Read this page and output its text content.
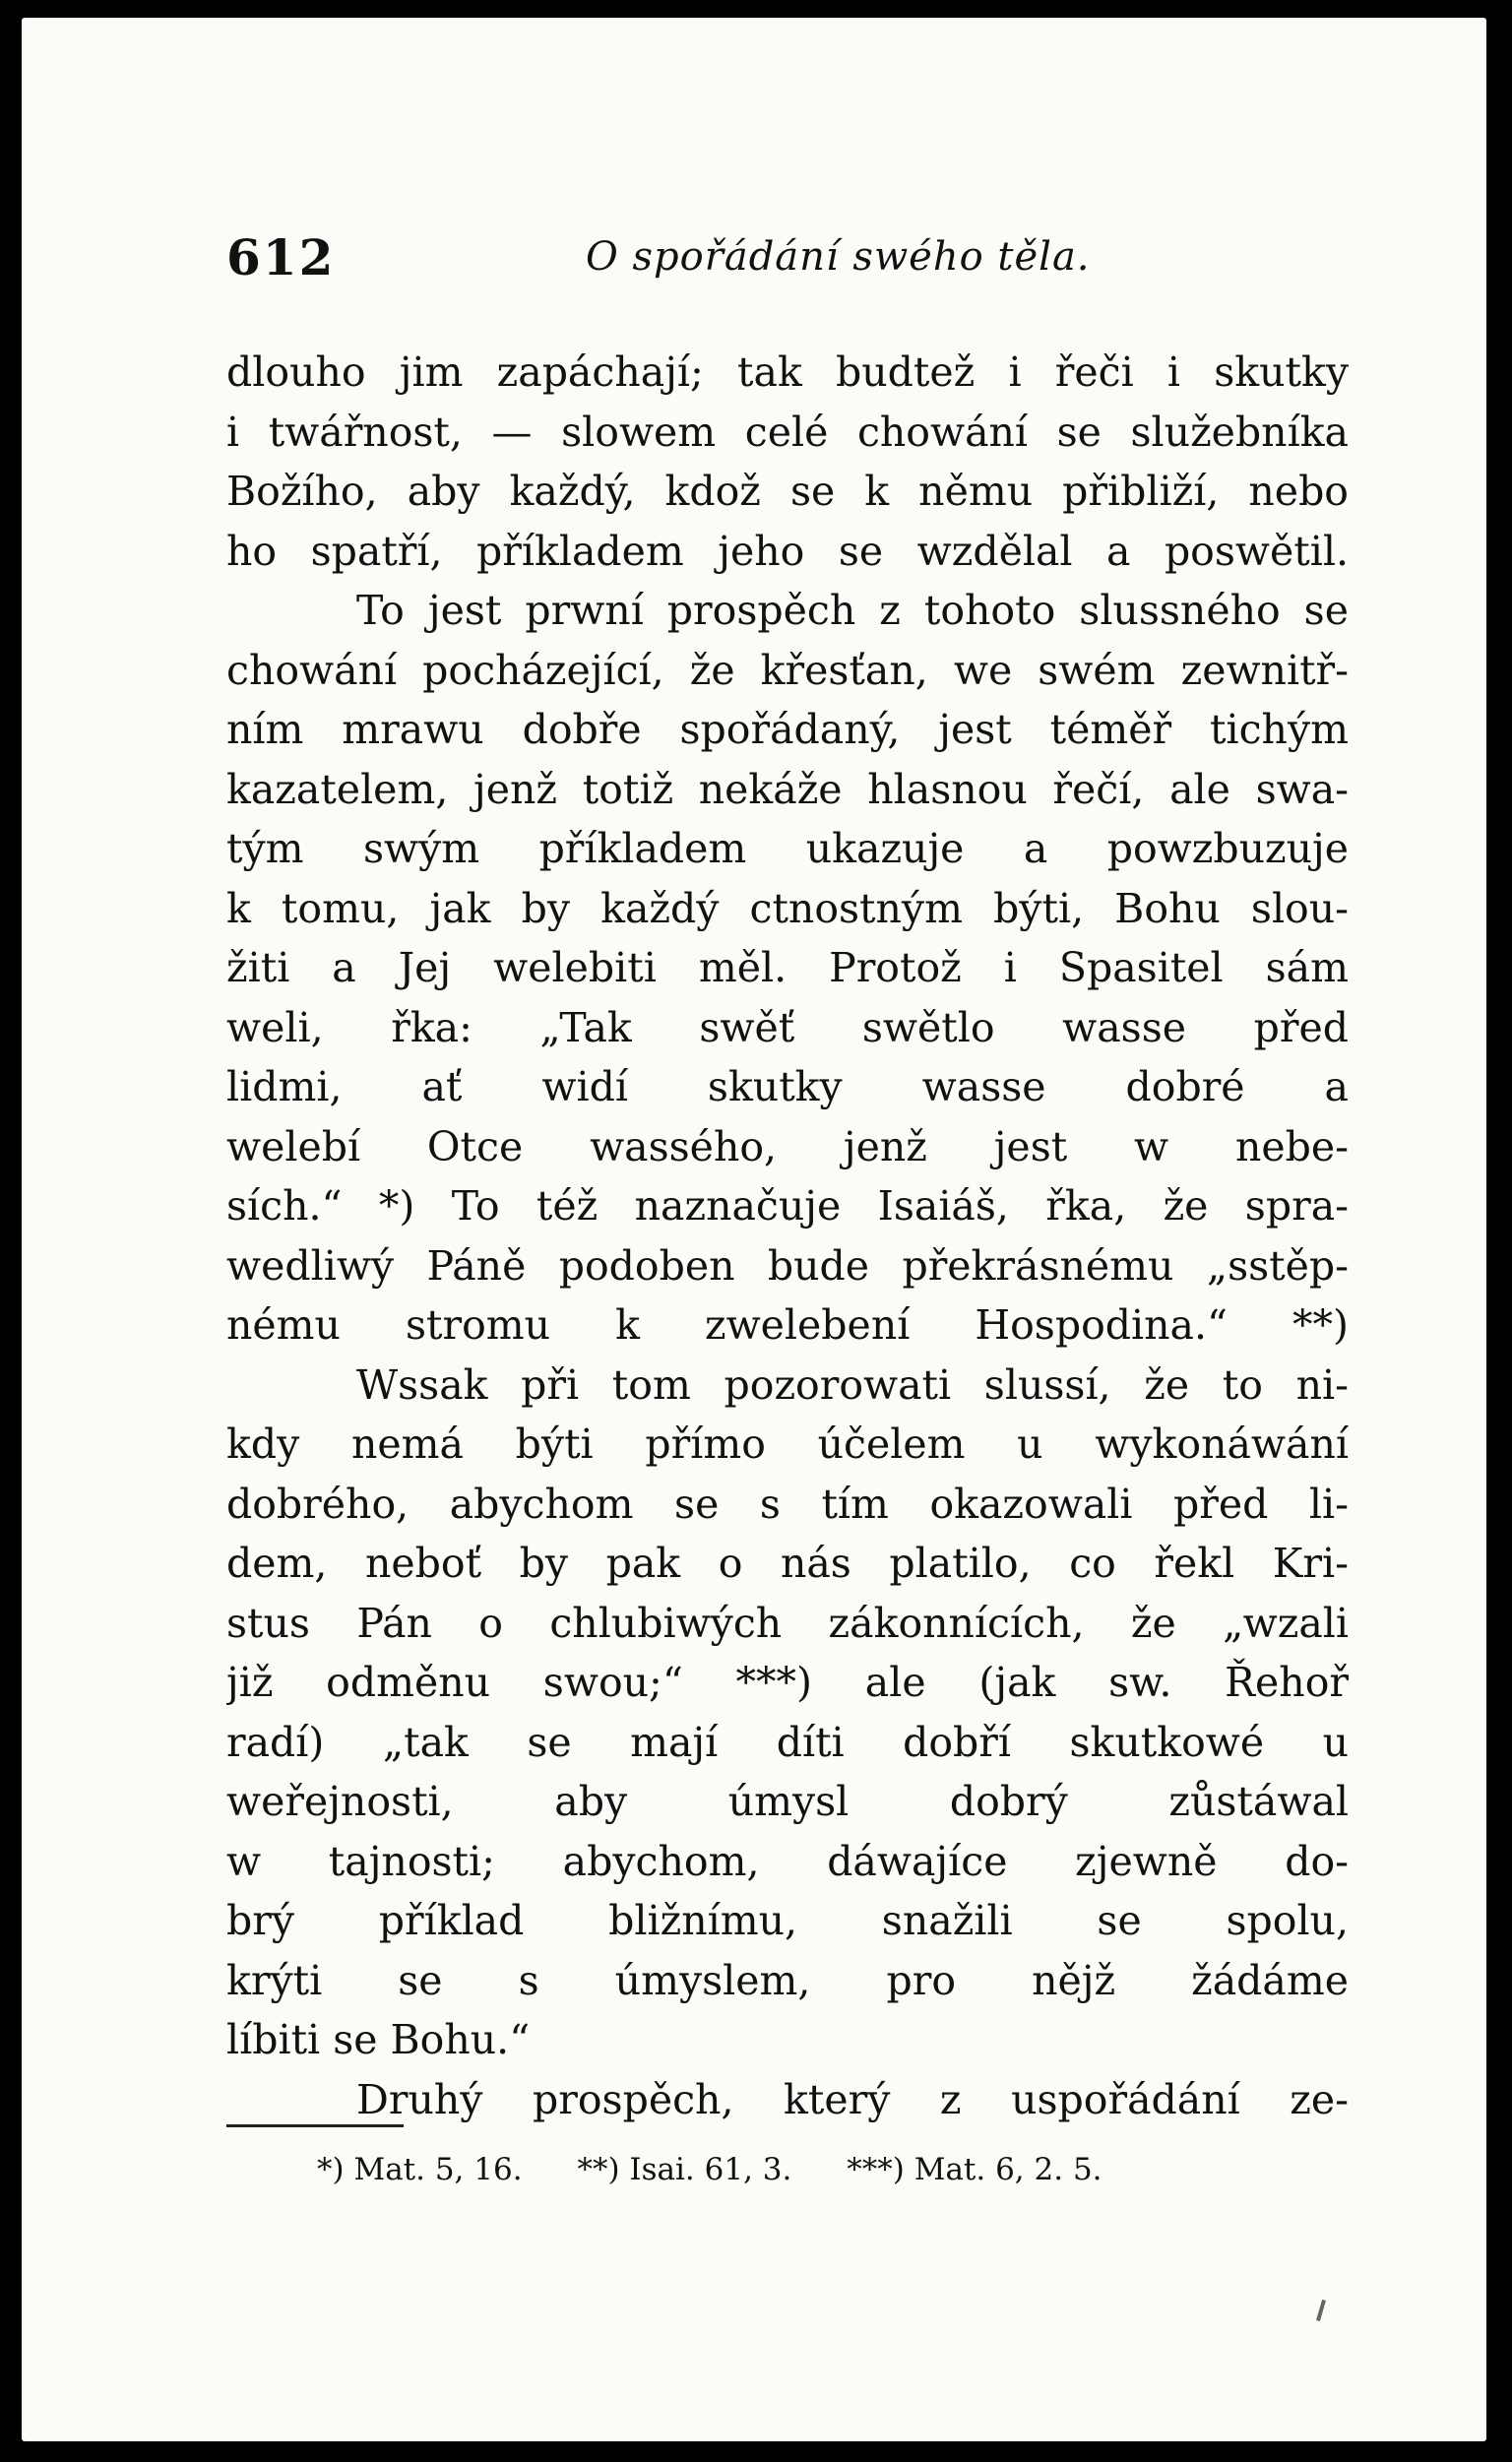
612	O spořádání swého těla.
dlouho jim zapáchají; tak budtež i řeči i skutky
i twářnost, — slowem celé chowání se služebníka
Božího, aby každý, kdož se k němu přibliží, nebo
ho spatří, příkladem jeho se wzdělal a poswětil.
To jest prwní prospěch z tohoto slussného se
chowání pocházející, že křesťan, we swém zewnitř-
ním mrawu dobře spořádaný, jest téměř tichým
kazatelem, jenž totiž nekáže hlasnou řečí, ale swa-
tým swým příkladem ukazuje a powzbuzuje
k tomu, jak by každý ctnostným býti, Bohu slou-
žiti a Jej welebiti měl. Protož i Spasitel sám
weli, řka: „Tak swěť swětlo wasse před
lidmi, ať widí skutky wasse dobré a
welebí Otce wassého, jenž jest w nebe-
sích.“ *) To též naznačuje Isaiáš, řka, že spra-
wedliwý Páně podoben bude překrásnému „sstěp-
nému stromu k zwelebení Hospodina.“ **)
Wssak při tom pozorowati slussí, že to ni-
kdy nemá býti přímo účelem u wykonáwání
dobrého, abychom se s tím okazowali před li-
dem, neboť by pak o nás platilo, co řekl Kri-
stus Pán o chlubiwých zákonnících, že „wzali
již odměnu swou;“ ***) ale (jak sw. Řehoř
radí) „tak se mají díti dobří skutkowé u
weřejnosti, aby úmysl dobrý zůstáwal
w tajnosti; abychom, dáwajíce zjewně do-
brý příklad bližnímu, snažili se spolu,
krýti se s úmyslem, pro nějž žádáme
líbiti se Bohu.“
Druhý prospěch, který z uspořádání ze-
*) Mat. 5, 16. **) Isai. 61, 3. ***) Mat. 6, 2. 5.
